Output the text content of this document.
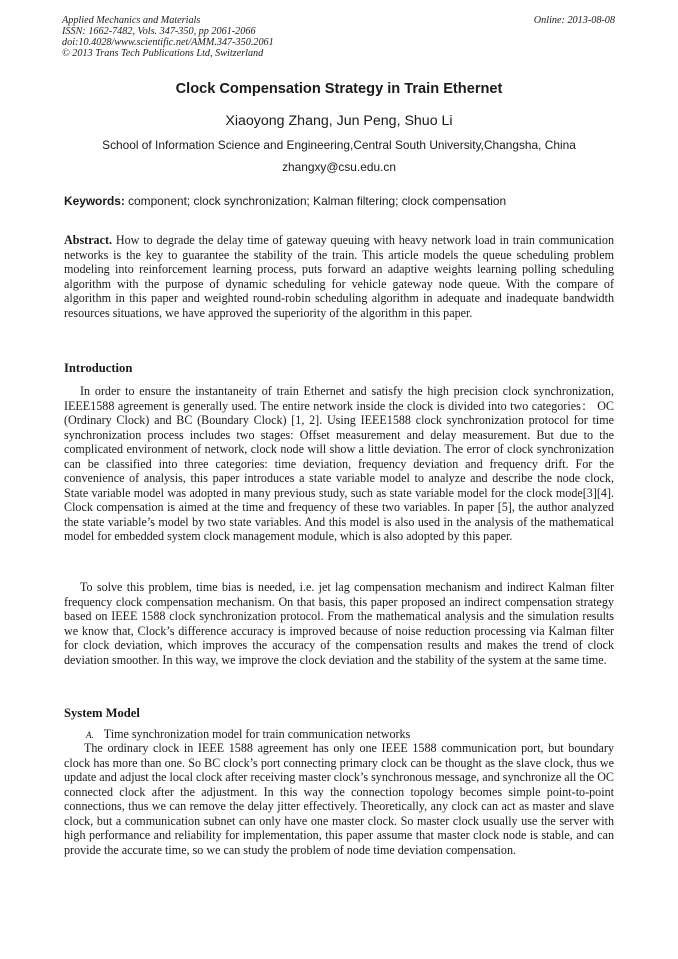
Applied Mechanics and Materials
ISSN: 1662-7482, Vols. 347-350, pp 2061-2066
doi:10.4028/www.scientific.net/AMM.347-350.2061
© 2013 Trans Tech Publications Ltd, Switzerland
Online: 2013-08-08
Clock Compensation Strategy in Train Ethernet
Xiaoyong Zhang, Jun Peng, Shuo Li
School of Information Science and Engineering,Central South University,Changsha, China
zhangxy@csu.edu.cn
Keywords: component; clock synchronization; Kalman filtering; clock compensation
Abstract. How to degrade the delay time of gateway queuing with heavy network load in train communication networks is the key to guarantee the stability of the train. This article models the queue scheduling problem modeling into reinforcement learning process, puts forward an adaptive weights learning polling scheduling algorithm with the purpose of dynamic scheduling for vehicle gateway node queue. With the compare of algorithm in this paper and weighted round-robin scheduling algorithm in adequate and inadequate bandwidth resources situations, we have approved the superiority of the algorithm in this paper.
Introduction
In order to ensure the instantaneity of train Ethernet and satisfy the high precision clock synchronization, IEEE1588 agreement is generally used. The entire network inside the clock is divided into two categories： OC (Ordinary Clock) and BC (Boundary Clock) [1, 2]. Using IEEE1588 clock synchronization protocol for time synchronization process includes two stages: Offset measurement and delay measurement. But due to the complicated environment of network, clock node will show a little deviation. The error of clock synchronization can be classified into three categories: time deviation, frequency deviation and frequency drift. For the convenience of analysis, this paper introduces a state variable model to analyze and describe the node clock, State variable model was adopted in many previous study, such as state variable model for the clock mode[3][4]. Clock compensation is aimed at the time and frequency of these two variables. In paper [5], the author analyzed the state variable’s model by two state variables. And this model is also used in the analysis of the mathematical model for embedded system clock management module, which is also adopted by this paper.
To solve this problem, time bias is needed, i.e. jet lag compensation mechanism and indirect Kalman filter frequency clock compensation mechanism. On that basis, this paper proposed an indirect compensation strategy based on IEEE 1588 clock synchronization protocol. From the mathematical analysis and the simulation results we know that, Clock’s difference accuracy is improved because of noise reduction processing via Kalman filter for clock deviation, which improves the accuracy of the compensation results and makes the trend of clock deviation smoother. In this way, we improve the clock deviation and the stability of the system at the same time.
System Model
A. Time synchronization model for train communication networks
The ordinary clock in IEEE 1588 agreement has only one IEEE 1588 communication port, but boundary clock has more than one. So BC clock’s port connecting primary clock can be thought as the slave clock, thus we update and adjust the local clock after receiving master clock’s synchronous message, and synchronize all the OC connected clock after the adjustment. In this way the connection topology becomes simple point-to-point connections, thus we can remove the delay jitter effectively. Theoretically, any clock can act as master and slave clock, but a communication subnet can only have one master clock. So master clock usually use the server with high performance and reliability for implementation, this paper assume that master clock node is stable, and can provide the accurate time, so we can study the problem of node time deviation compensation.
